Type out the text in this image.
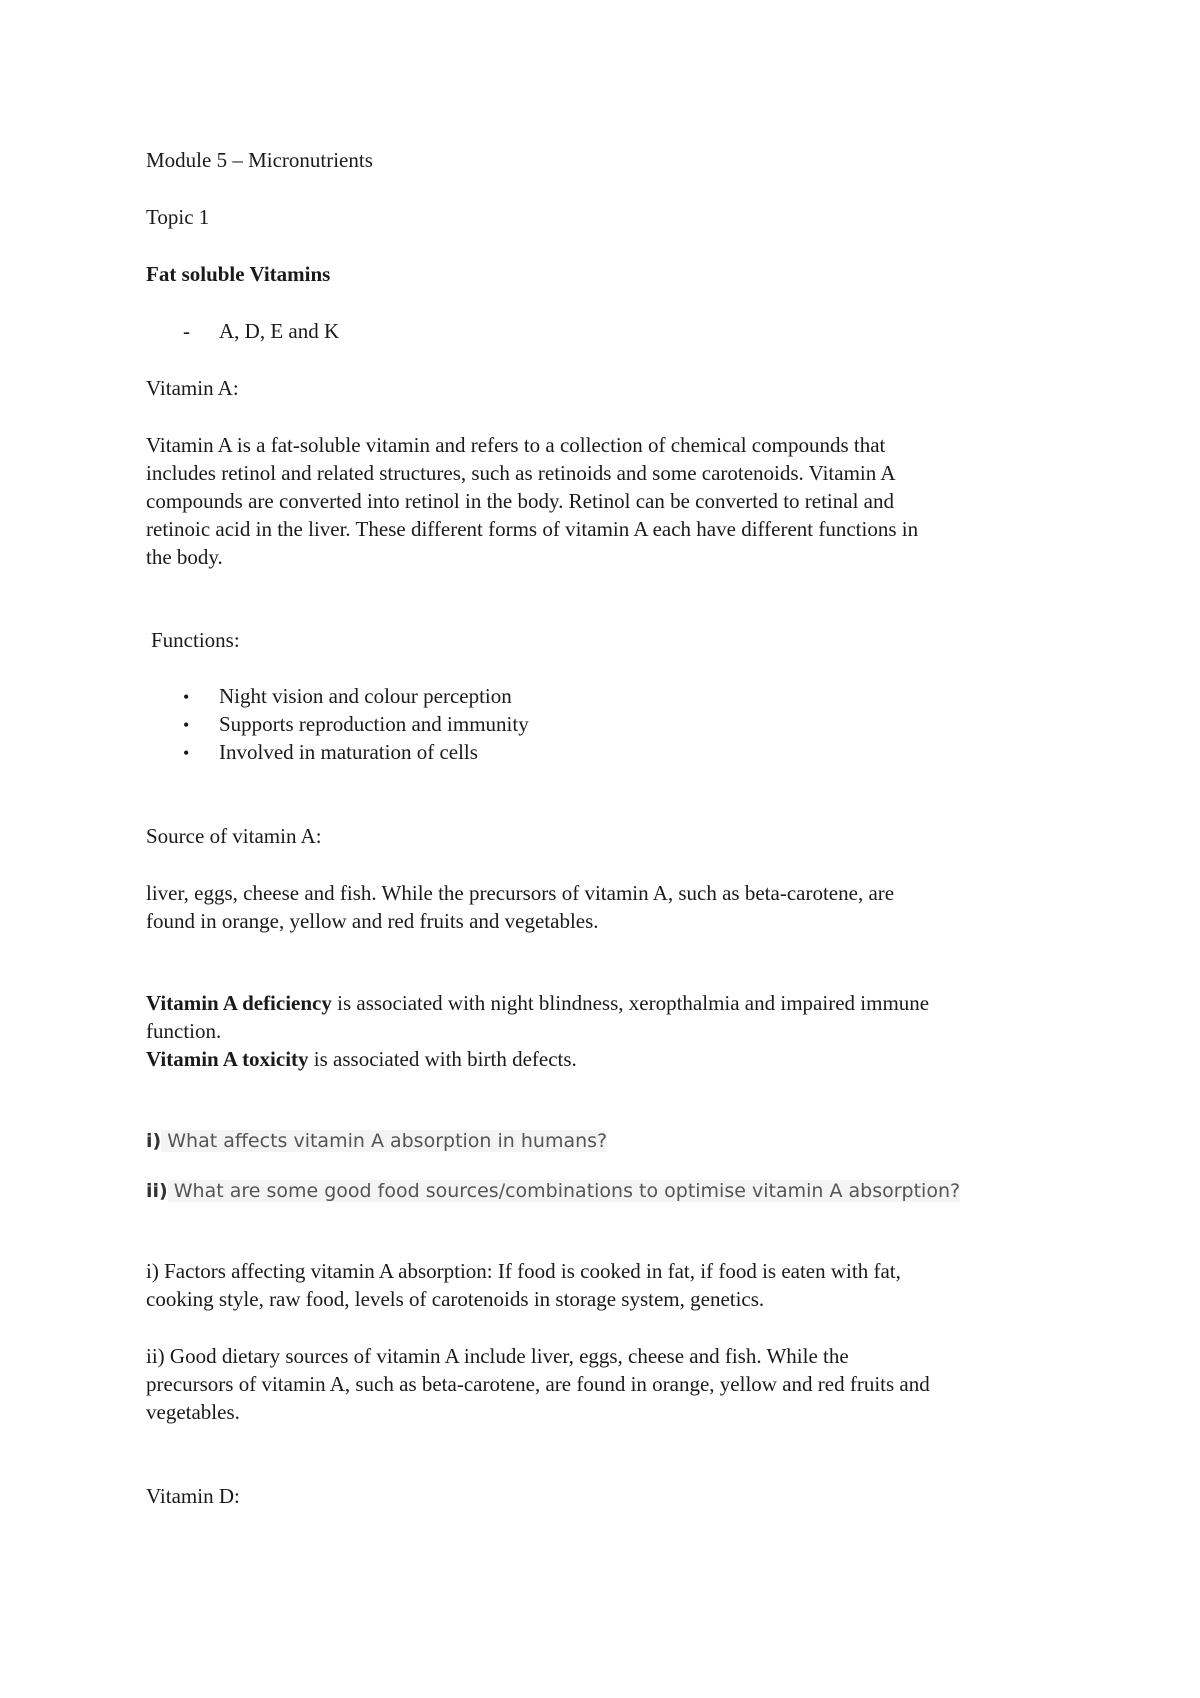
Module 5 – Micronutrients

Topic 1

Fat soluble Vitamins

- A, D, E and K

Vitamin A:

Vitamin A is a fat-soluble vitamin and refers to a collection of chemical compounds that
includes retinol and related structures, such as retinoids and some carotenoids. Vitamin A
compounds are converted into retinol in the body. Retinol can be converted to retinal and
retinoic acid in the liver. These different forms of vitamin A each have different functions in
the body.

Functions:

•	Night vision and colour perception
•	Supports reproduction and immunity
•	Involved in maturation of cells

Source of vitamin A:

liver, eggs, cheese and fish. While the precursors of vitamin A, such as beta-carotene, are
found in orange, yellow and red fruits and vegetables.
Vitamin A deficiency is associated with night blindness, xeropthalmia and impaired immune
function.
Vitamin A toxicity is associated with birth defects.
i) What affects vitamin A absorption in humans?
ii) What are some good food sources/combinations to optimise vitamin A absorption?
i) Factors affecting vitamin A absorption: If food is cooked in fat, if food is eaten with fat,
cooking style, raw food, levels of carotenoids in storage system, genetics.
ii) Good dietary sources of vitamin A include liver, eggs, cheese and fish. While the
precursors of vitamin A, such as beta-carotene, are found in orange, yellow and red fruits and
vegetables.

Vitamin D:
